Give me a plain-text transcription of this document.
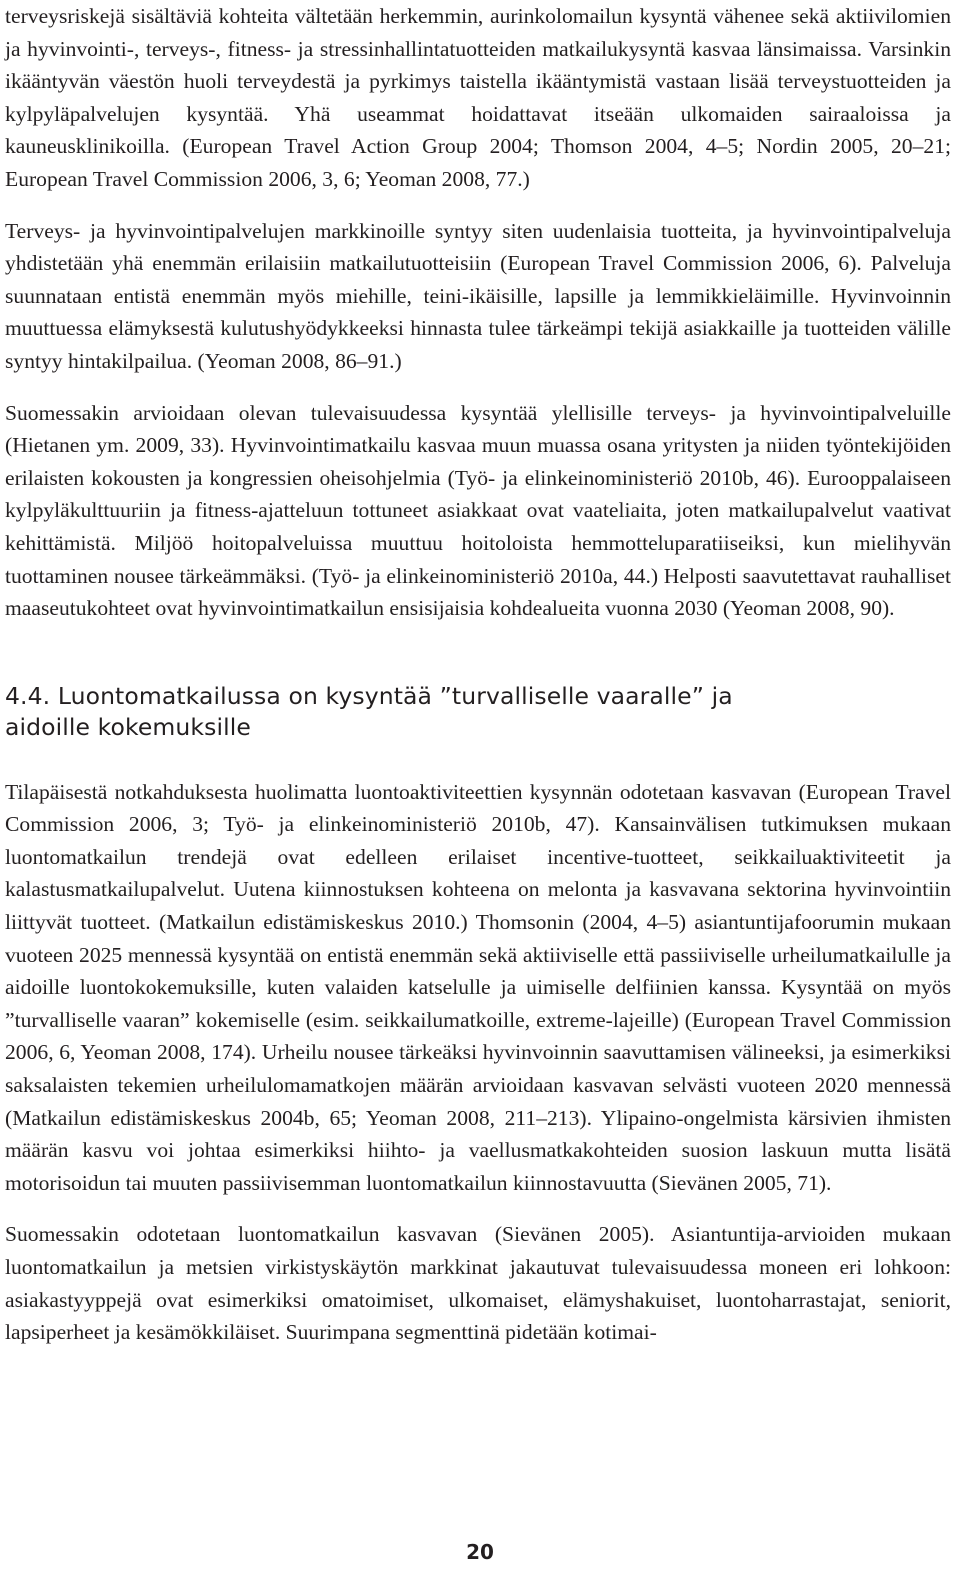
terveysriskejä sisältäviä kohteita vältetään herkemmin, aurinkolomailun kysyntä vähenee sekä aktiivilomien ja hyvinvointi-, terveys-, fitness- ja stressinhallintatuotteiden matkailukysyntä kasvaa länsimaissa. Varsinkin ikääntyvän väestön huoli terveydestä ja pyrkimys taistella ikääntymistä vastaan lisää terveystuotteiden ja kylpyläpalvelujen kysyntää. Yhä useammat hoidattavat itseään ulkomaiden sairaaloissa ja kauneusklinikoilla. (European Travel Action Group 2004; Thomson 2004, 4–5; Nordin 2005, 20–21; European Travel Commission 2006, 3, 6; Yeoman 2008, 77.)

Terveys- ja hyvinvointipalvelujen markkinoille syntyy siten uudenlaisia tuotteita, ja hyvinvointipalveluja yhdistetään yhä enemmän erilaisiin matkailutuotteisiin (European Travel Commission 2006, 6). Palveluja suunnataan entistä enemmän myös miehille, teini-ikäisille, lapsille ja lemmikkieläimille. Hyvinvoinnin muuttuessa elämyksestä kulutushyödykkeeksi hinnasta tulee tärkeämpi tekijä asiakkaille ja tuotteiden välille syntyy hintakilpailua. (Yeoman 2008, 86–91.)

Suomessakin arvioidaan olevan tulevaisuudessa kysyntää ylellisille terveys- ja hyvinvointipalveluille (Hietanen ym. 2009, 33). Hyvinvointimatkailu kasvaa muun muassa osana yritysten ja niiden työntekijöiden erilaisten kokousten ja kongressien oheisohjelmia (Työ- ja elinkeinoministeriö 2010b, 46). Eurooppalaiseen kylpyläkulttuuriin ja fitness-ajatteluun tottuneet asiakkaat ovat vaateliaita, joten matkailupalvelut vaativat kehittämistä. Miljöö hoitopalveluissa muuttuu hoitoloista hemmotteluparatiiseiksi, kun mielihyvän tuottaminen nousee tärkeämmäksi. (Työ- ja elinkeinoministeriö 2010a, 44.) Helposti saavutettavat rauhalliset maaseutukohteet ovat hyvinvointimatkailun ensisijaisia kohdealueita vuonna 2030 (Yeoman 2008, 90).

4.4. Luontomatkailussa on kysyntää ”turvalliselle vaaralle” ja
aidoille kokemuksille

Tilapäisestä notkahduksesta huolimatta luontoaktiviteettien kysynnän odotetaan kasvavan (European Travel Commission 2006, 3; Työ- ja elinkeinoministeriö 2010b, 47). Kansainvälisen tutkimuksen mukaan luontomatkailun trendejä ovat edelleen erilaiset incentive-tuotteet, seikkailuaktiviteetit ja kalastusmatkailupalvelut. Uutena kiinnostuksen kohteena on melonta ja kasvavana sektorina hyvinvointiin liittyvät tuotteet. (Matkailun edistämiskeskus 2010.) Thomsonin (2004, 4–5) asiantuntijafoorumin mukaan vuoteen 2025 mennessä kysyntää on entistä enemmän sekä aktiiviselle että passiiviselle urheilumatkailulle ja aidoille luontokokemuksille, kuten valaiden katselulle ja uimiselle delfiinien kanssa. Kysyntää on myös ”turvalliselle vaaran” kokemiselle (esim. seikkailumatkoille, extreme-lajeille) (European Travel Commission 2006, 6, Yeoman 2008, 174). Urheilu nousee tärkeäksi hyvinvoinnin saavuttamisen välineeksi, ja esimerkiksi saksalaisten tekemien urheilulomamatkojen määrän arvioidaan kasvavan selvästi vuoteen 2020 mennessä (Matkailun edistämiskeskus 2004b, 65; Yeoman 2008, 211–213). Ylipaino-ongelmista kärsivien ihmisten määrän kasvu voi johtaa esimerkiksi hiihto- ja vaellusmatkakohteiden suosion laskuun mutta lisätä motorisoidun tai muuten passiivisemman luontomatkailun kiinnostavuutta (Sievänen 2005, 71).

Suomessakin odotetaan luontomatkailun kasvavan (Sievänen 2005). Asiantuntija-arvioiden mukaan luontomatkailun ja metsien virkistyskäytön markkinat jakautuvat tulevaisuudessa moneen eri lohkoon: asiakastyyppejä ovat esimerkiksi omatoimiset, ulkomaiset, elämyshakuiset, luontoharrastajat, seniorit, lapsiperheet ja kesämökkiläiset. Suurimpana segmenttinä pidetään kotimai-

20
